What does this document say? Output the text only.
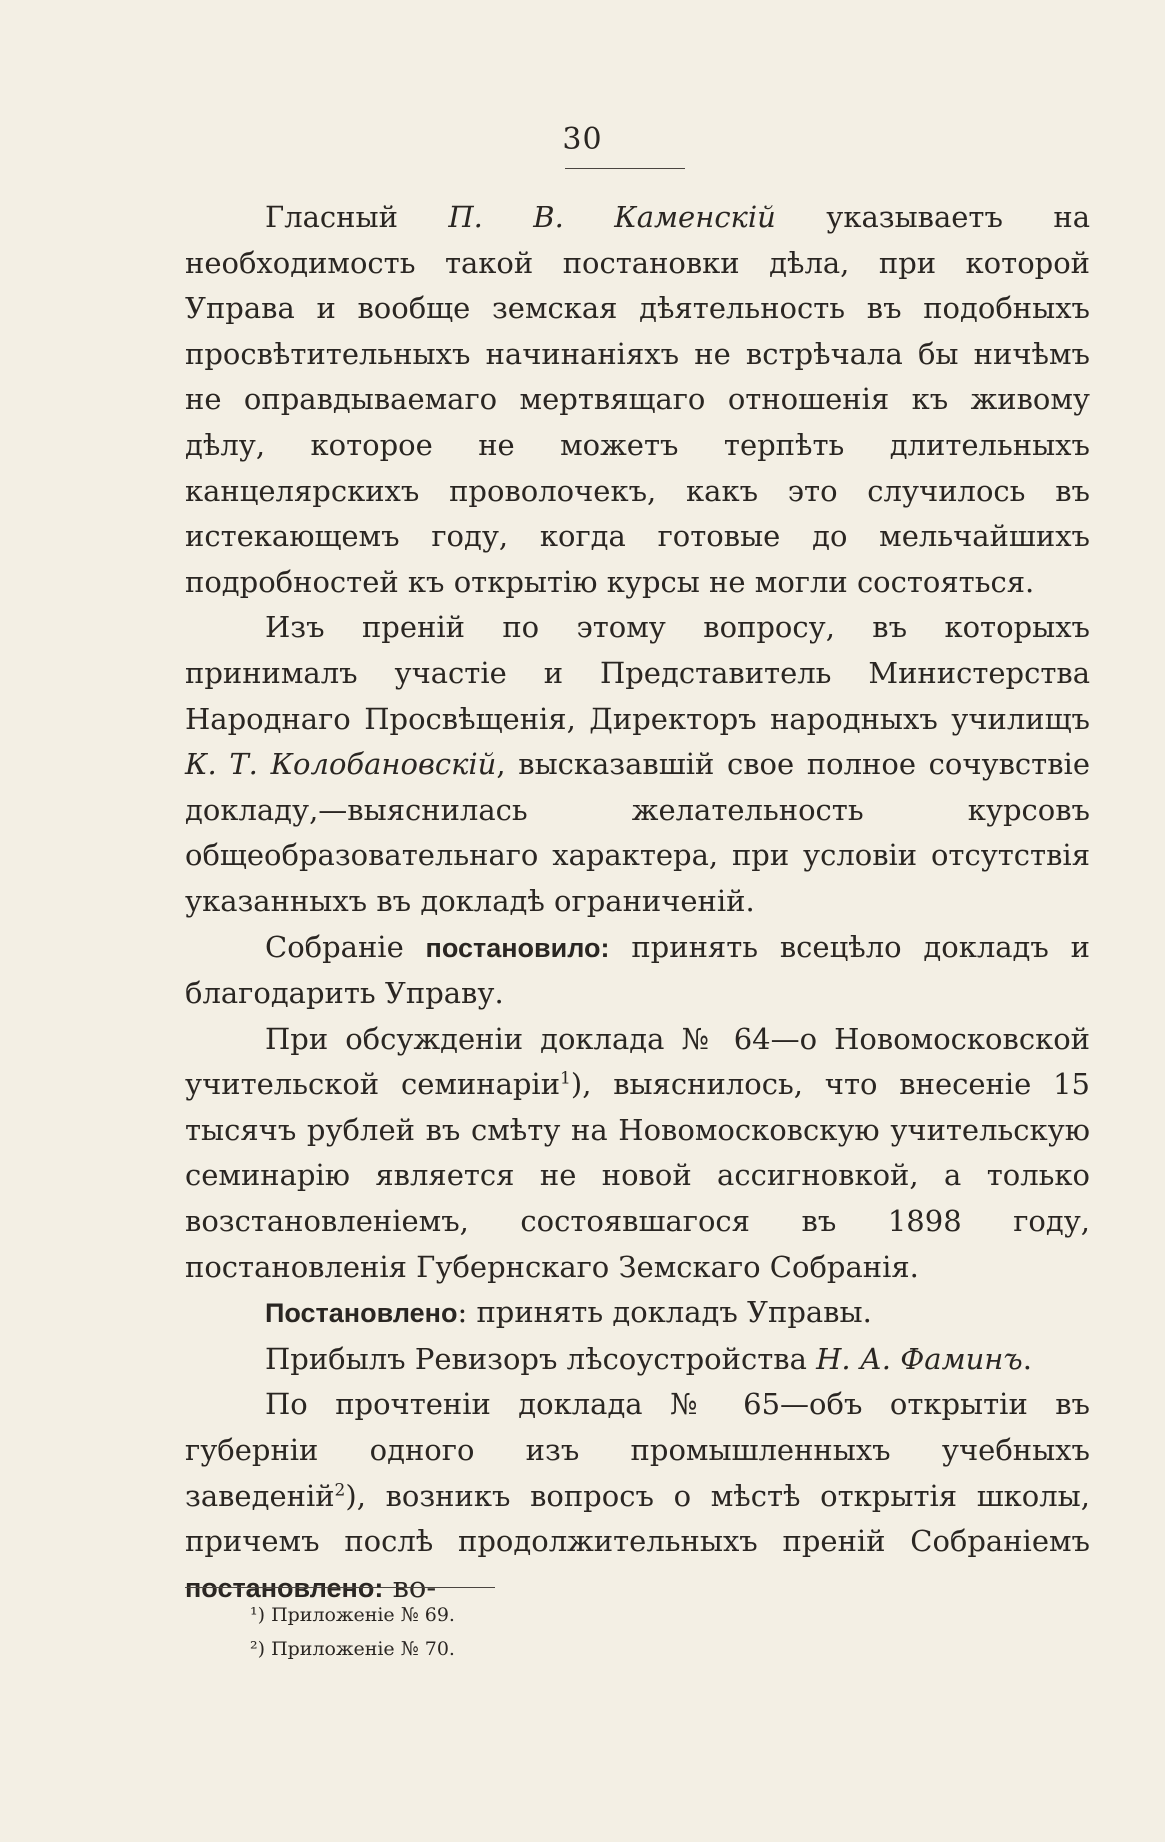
30

Гласный П. В. Каменскій указываетъ на необходимость такой постановки дѣла, при которой Управа и вообще земская дѣятельность въ подобныхъ просвѣтительныхъ начинаніяхъ не встрѣчала бы ничѣмъ не оправдываемаго мертвящаго отношенія къ живому дѣлу, которое не можетъ терпѣть длительныхъ канцелярскихъ проволочекъ, какъ это случилось въ истекающемъ году, когда готовые до мельчайшихъ подробностей къ открытію курсы не могли состояться.

Изъ преній по этому вопросу, въ которыхъ принималъ участіе и Представитель Министерства Народнаго Просвѣщенія, Директоръ народныхъ училищъ К. Т. Колобановскій, высказавшій свое полное сочувствіе докладу,—выяснилась желательность курсовъ общеобразовательнаго характера, при условіи отсутствія указанныхъ въ докладѣ ограниченій.

Собраніе постановило: принять всецѣло докладъ и благодарить Управу.

При обсужденіи доклада № 64—о Новомосковской учительской семинаріи$^1$), выяснилось, что внесеніе 15 тысячъ рублей въ смѣту на Новомосковскую учительскую семинарію является не новой ассигновкой, а только возстановленіемъ, состоявшагося въ 1898 году, постановленія Губернскаго Земскаго Собранія.

Постановлено: принять докладъ Управы.

Прибылъ Ревизоръ лѣсоустройства Н. А. Фаминъ.

По прочтеніи доклада № 65—объ открытіи въ губерніи одного изъ промышленныхъ учебныхъ заведеній$^2$), возникъ вопросъ о мѣстѣ открытія школы, причемъ послѣ продолжительныхъ преній Собраніемъ постановлено: во-

¹) Приложеніе № 69.
²) Приложеніе № 70.
